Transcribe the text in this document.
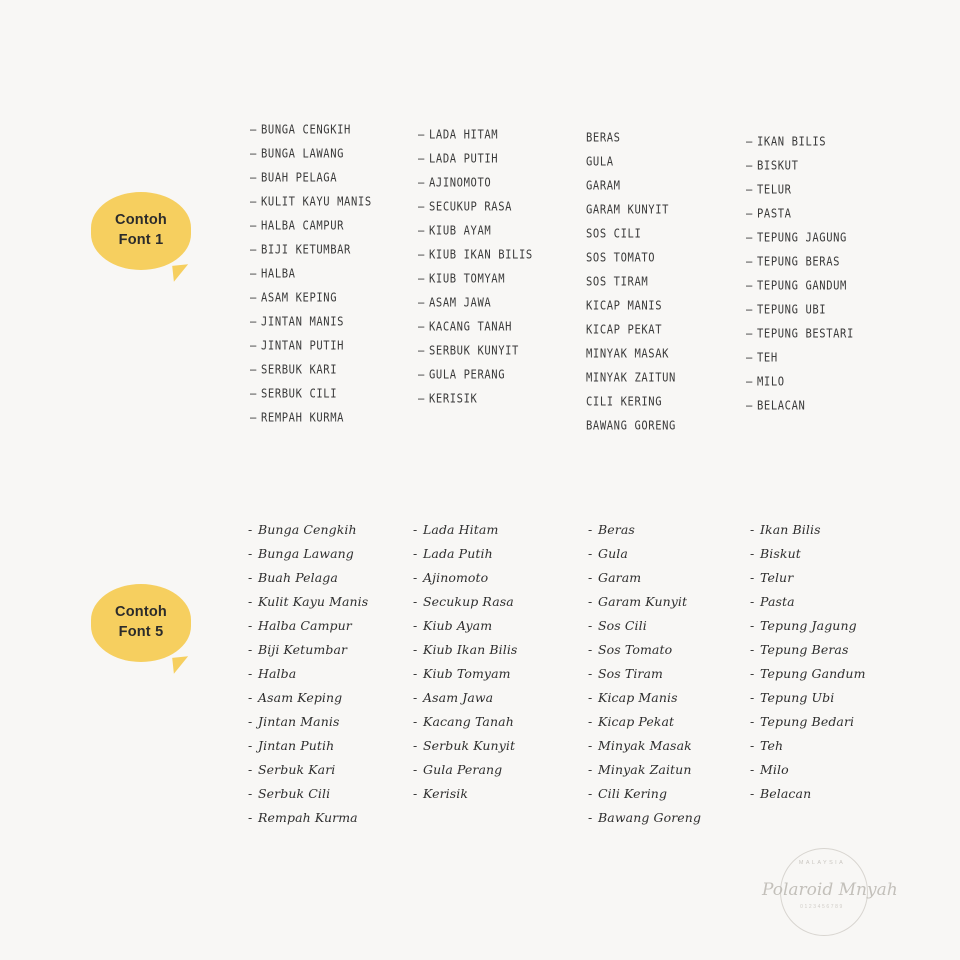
Contoh
Font 1
Contoh
Font 5
– BUNGA CENGKIH
– BUNGA LAWANG
– BUAH PELAGA
– KULIT KAYU MANIS
– HALBA CAMPUR
– BIJI KETUMBAR
– HALBA
– ASAM KEPING
– JINTAN MANIS
– JINTAN PUTIH
– SERBUK KARI
– SERBUK CILI
– REMPAH KURMA
– LADA HITAM
– LADA PUTIH
– AJINOMOTO
– SECUKUP RASA
– KIUB AYAM
– KIUB IKAN BILIS
– KIUB TOMYAM
– ASAM JAWA
– KACANG TANAH
– SERBUK KUNYIT
– GULA PERANG
– KERISIK
BERAS
GULA
GARAM
GARAM KUNYIT
SOS CILI
SOS TOMATO
SOS TIRAM
KICAP MANIS
KICAP PEKAT
MINYAK MASAK
MINYAK ZAITUN
CILI KERING
BAWANG GORENG
– IKAN BILIS
– BISKUT
– TELUR
– PASTA
– TEPUNG JAGUNG
– TEPUNG BERAS
– TEPUNG GANDUM
– TEPUNG UBI
– TEPUNG BESTARI
– TEH
– MILO
– BELACAN
- Bunga Cengkih
- Bunga Lawang
- Buah Pelaga
- Kulit Kayu Manis
- Halba Campur
- Biji Ketumbar
- Halba
- Asam Keping
- Jintan Manis
- Jintan Putih
- Serbuk Kari
- Serbuk Cili
- Rempah Kurma
- Lada Hitam
- Lada Putih
- Ajinomoto
- Secukup Rasa
- Kiub Ayam
- Kiub Ikan Bilis
- Kiub Tomyam
- Asam Jawa
- Kacang Tanah
- Serbuk Kunyit
- Gula Perang
- Kerisik
- Beras
- Gula
- Garam
- Garam Kunyit
- Sos Cili
- Sos Tomato
- Sos Tiram
- Kicap Manis
- Kicap Pekat
- Minyak Masak
- Minyak Zaitun
- Cili Kering
- Bawang Goreng
- Ikan Bilis
- Biskut
- Telur
- Pasta
- Tepung Jagung
- Tepung Beras
- Tepung Gandum
- Tepung Ubi
- Tepung Bedari
- Teh
- Milo
- Belacan
MALAYSIA
Polaroid Mnyah
0123456789
